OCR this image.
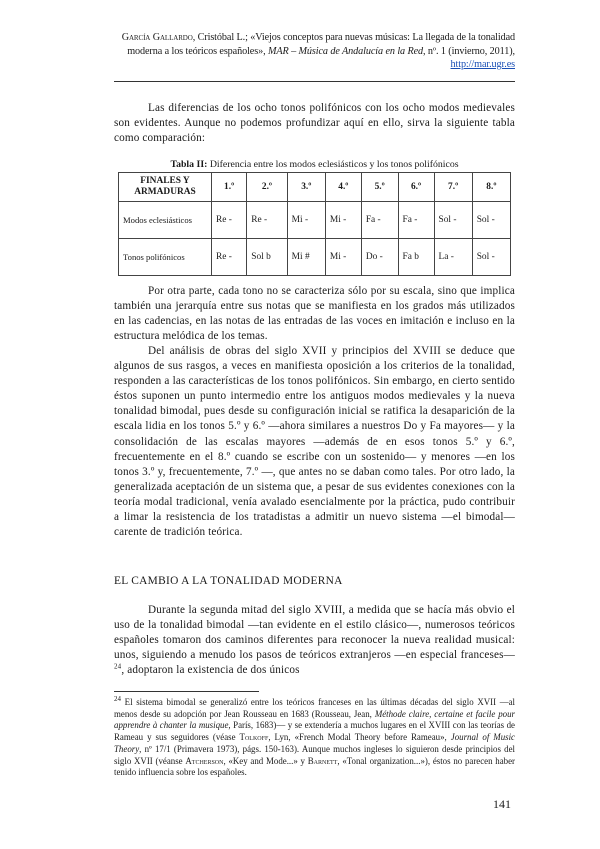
García Gallardo, Cristóbal L.; «Viejos conceptos para nuevas músicas: La llegada de la tonalidad moderna a los teóricos españoles», MAR – Música de Andalucía en la Red, nº. 1 (invierno, 2011), http://mar.ugr.es

Las diferencias de los ocho tonos polifónicos con los ocho modos medievales son evidentes. Aunque no podemos profundizar aquí en ello, sirva la siguiente tabla como comparación:

Tabla II: Diferencia entre los modos eclesiásticos y los tonos polifónicos
FINALES Y ARMADURAS	1.º	2.º	3.º	4.º	5.º	6.º	7.º	8.º
Modos eclesiásticos	Re -	Re -	Mi -	Mi -	Fa -	Fa -	Sol -	Sol -
Tonos polifónicos	Re -	Sol b	Mi #	Mi -	Do -	Fa b	La -	Sol -

Por otra parte, cada tono no se caracteriza sólo por su escala, sino que implica también una jerarquía entre sus notas que se manifiesta en los grados más utilizados en las cadencias, en las notas de las entradas de las voces en imitación e incluso en la estructura melódica de los temas.

Del análisis de obras del siglo XVII y principios del XVIII se deduce que algunos de sus rasgos, a veces en manifiesta oposición a los criterios de la tonalidad, responden a las características de los tonos polifónicos. Sin embargo, en cierto sentido éstos suponen un punto intermedio entre los antiguos modos medievales y la nueva tonalidad bimodal, pues desde su configuración inicial se ratifica la desaparición de la escala lidia en los tonos 5.º y 6.º —ahora similares a nuestros Do y Fa mayores— y la consolidación de las escalas mayores —además de en esos tonos 5.º y 6.º, frecuentemente en el 8.º cuando se escribe con un sostenido— y menores —en los tonos 3.º y, frecuentemente, 7.º —, que antes no se daban como tales. Por otro lado, la generalizada aceptación de un sistema que, a pesar de sus evidentes conexiones con la teoría modal tradicional, venía avalado esencialmente por la práctica, pudo contribuir a limar la resistencia de los tratadistas a admitir un nuevo sistema —el bimodal— carente de tradición teórica.

EL CAMBIO A LA TONALIDAD MODERNA

Durante la segunda mitad del siglo XVIII, a medida que se hacía más obvio el uso de la tonalidad bimodal —tan evidente en el estilo clásico—, numerosos teóricos españoles tomaron dos caminos diferentes para reconocer la nueva realidad musical: unos, siguiendo a menudo los pasos de teóricos extranjeros —en especial franceses—$^{24}$, adoptaron la existencia de dos únicos

$^{24}$ El sistema bimodal se generalizó entre los teóricos franceses en las últimas décadas del siglo XVII —al menos desde su adopción por Jean Rousseau en 1683 (Rousseau, Jean, Méthode claire, certaine et facile pour apprendre à chanter la musique, París, 1683)— y se extendería a muchos lugares en el XVIII con las teorías de Rameau y sus seguidores (véase Tolkoff, Lyn, «French Modal Theory before Rameau», Journal of Music Theory, nº 17/1 (Primavera 1973), págs. 150-163). Aunque muchos ingleses lo siguieron desde principios del siglo XVII (véanse Atcherson, «Key and Mode...» y Barnett, «Tonal organization...»), éstos no parecen haber tenido influencia sobre los españoles.

141
